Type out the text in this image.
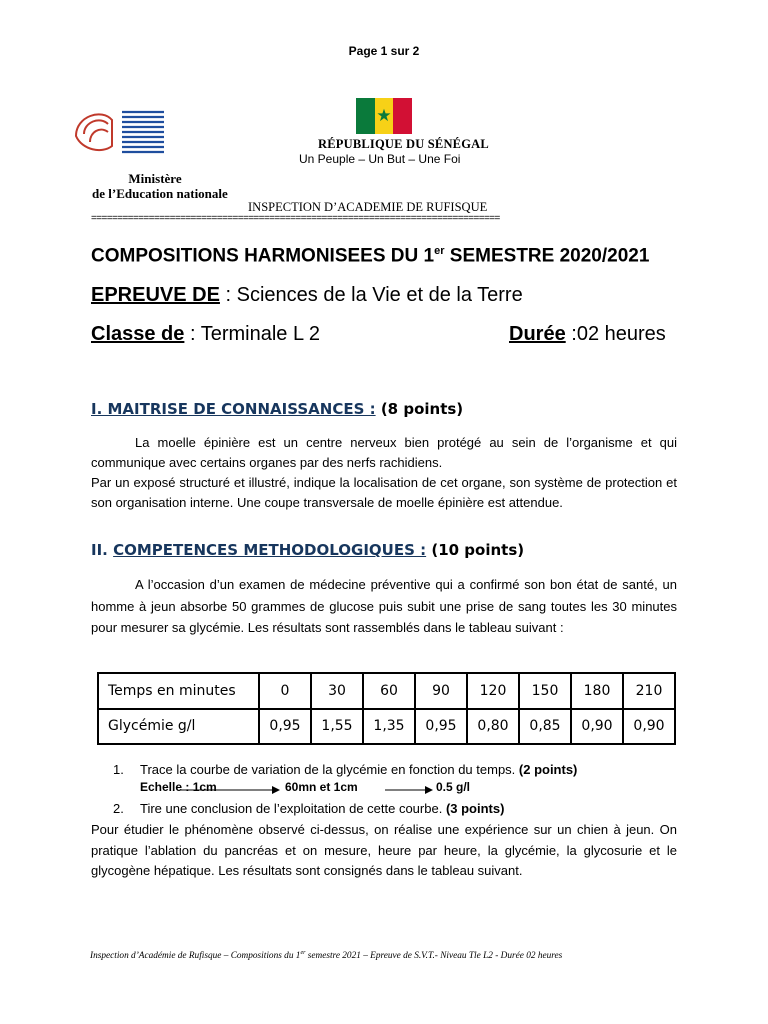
Page 1 sur 2
★
RÉPUBLIQUE DU SÉNÉGAL
Un Peuple – Un But – Une Foi
Ministère
de l’Education nationale
INSPECTION D’ACADEMIE DE RUFISQUE
==============================================================================
COMPOSITIONS HARMONISEES DU 1er SEMESTRE 2020/2021
EPREUVE DE : Sciences de la Vie et de la Terre
Classe de : Terminale L 2	Durée :02 heures
I. MAITRISE DE CONNAISSANCES : (8 points)

La moelle épinière est un centre nerveux bien protégé au sein de l’organisme et qui communique avec certains organes par des nerfs rachidiens.

Par un exposé structuré et illustré, indique la localisation de cet organe, son système de protection et son organisation interne. Une coupe transversale de moelle épinière est attendue.

II. COMPETENCES METHODOLOGIQUES : (10 points)

A l’occasion d’un examen de médecine préventive qui a confirmé son bon état de santé, un homme à jeun absorbe 50 grammes de glucose puis subit une prise de sang toutes les 30 minutes pour mesurer sa glycémie. Les résultats sont rassemblés dans le tableau suivant :

Temps en minutes	0	30	60	90	120	150	180	210
Glycémie g/l	0,95	1,55	1,35	0,95	0,80	0,85	0,90	0,90
1. Trace la courbe de variation de la glycémie en fonction du temps. (2 points)
Echelle : 1cm	60mn et 1cm	0.5 g/l
2. Tire une conclusion de l’exploitation de cette courbe. (3 points)

Pour étudier le phénomène observé ci-dessus, on réalise une expérience sur un chien à jeun. On pratique l’ablation du pancréas et on mesure, heure par heure, la glycémie, la glycosurie et le glycogène hépatique. Les résultats sont consignés dans le tableau suivant.

Inspection d’Académie de Rufisque – Compositions du 1er semestre 2021 – Epreuve de S.V.T.- Niveau Tle L2 - Durée 02 heures
